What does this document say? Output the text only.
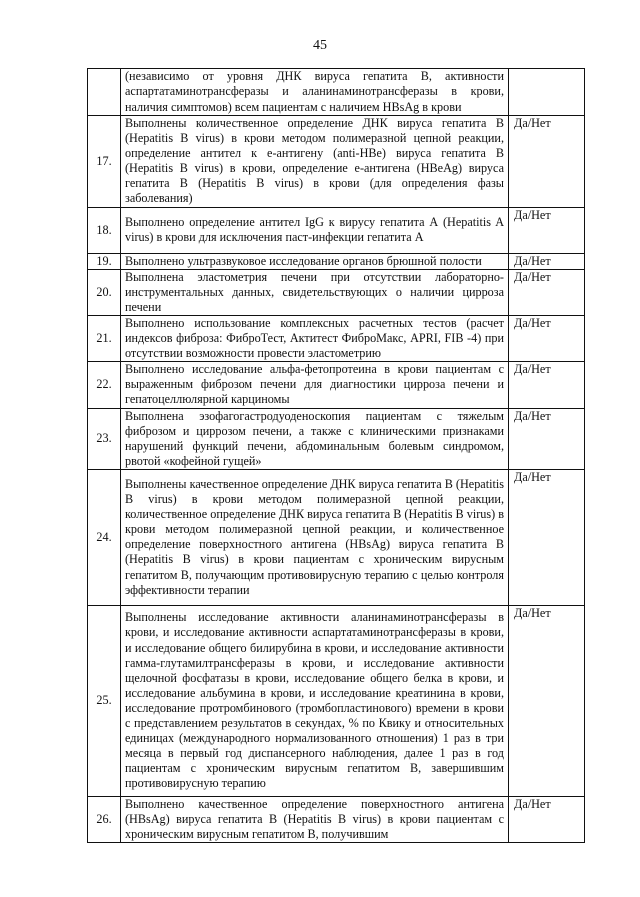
45
	(независимо от уровня ДНК вируса гепатита В, активности аспартатаминотрансферазы и аланинаминотрансферазы в крови, наличия симптомов) всем пациентам с наличием HBsAg в крови	
17.	Выполнены количественное определение ДНК вируса гепатита В (Hepatitis B virus) в крови методом полимеразной цепной реакции, определение антител к е-антигену (anti-HBe) вируса гепатита В (Hepatitis B virus) в крови, определение е-антигена (HBeAg) вируса гепатита В (Hepatitis B virus) в крови (для определения фазы заболевания)	Да/Нет
18.	Выполнено определение антител IgG к вирусу гепатита А (Hepatitis A virus) в крови для исключения паст-инфекции гепатита А	Да/Нет
19.	Выполнено ультразвуковое исследование органов брюшной полости	Да/Нет
20.	Выполнена эластометрия печени при отсутствии лабораторно-инструментальных данных, свидетельствующих о наличии цирроза печени	Да/Нет
21.	Выполнено использование комплексных расчетных тестов (расчет индексов фиброза: ФиброТест, Актитест ФиброМакс, APRI, FIB -4) при отсутствии возможности провести эластометрию	Да/Нет
22.	Выполнено исследование альфа-фетопротеина в крови пациентам с выраженным фиброзом печени для диагностики цирроза печени и гепатоцеллюлярной карциномы	Да/Нет
23.	Выполнена эзофагогастродуоденоскопия пациентам с тяжелым фиброзом и циррозом печени, а также с клиническими признаками нарушений функций печени, абдоминальным болевым синдромом, рвотой «кофейной гущей»	Да/Нет
24.	Выполнены качественное определение ДНК вируса гепатита В (Hepatitis B virus) в крови методом полимеразной цепной реакции, количественное определение ДНК вируса гепатита В (Hepatitis B virus) в крови методом полимеразной цепной реакции, и количественное определение поверхностного антигена (HBsAg) вируса гепатита В (Hepatitis B virus) в крови пациентам с хроническим вирусным гепатитом В, получающим противовирусную терапию с целью контроля эффективности терапии	Да/Нет
25.	Выполнены исследование активности аланинаминотрансферазы в крови, и исследование активности аспартатаминотрансферазы в крови, и исследование общего билирубина в крови, и исследование активности гамма-глутамилтрансферазы в крови, и исследование активности щелочной фосфатазы в крови, исследование общего белка в крови, и исследование альбумина в крови, и исследование креатинина в крови, исследование протромбинового (тромбопластинового) времени в крови с представлением результатов в секундах, % по Квику и относительных единицах (международного нормализованного отношения) 1 раз в три месяца в первый год диспансерного наблюдения, далее 1 раз в год пациентам с хроническим вирусным гепатитом В, завершившим противовирусную терапию	Да/Нет
26.	Выполнено качественное определение поверхностного антигена (HBsAg) вируса гепатита В (Hepatitis B virus) в крови пациентам с хроническим вирусным гепатитом В, получившим	Да/Нет
